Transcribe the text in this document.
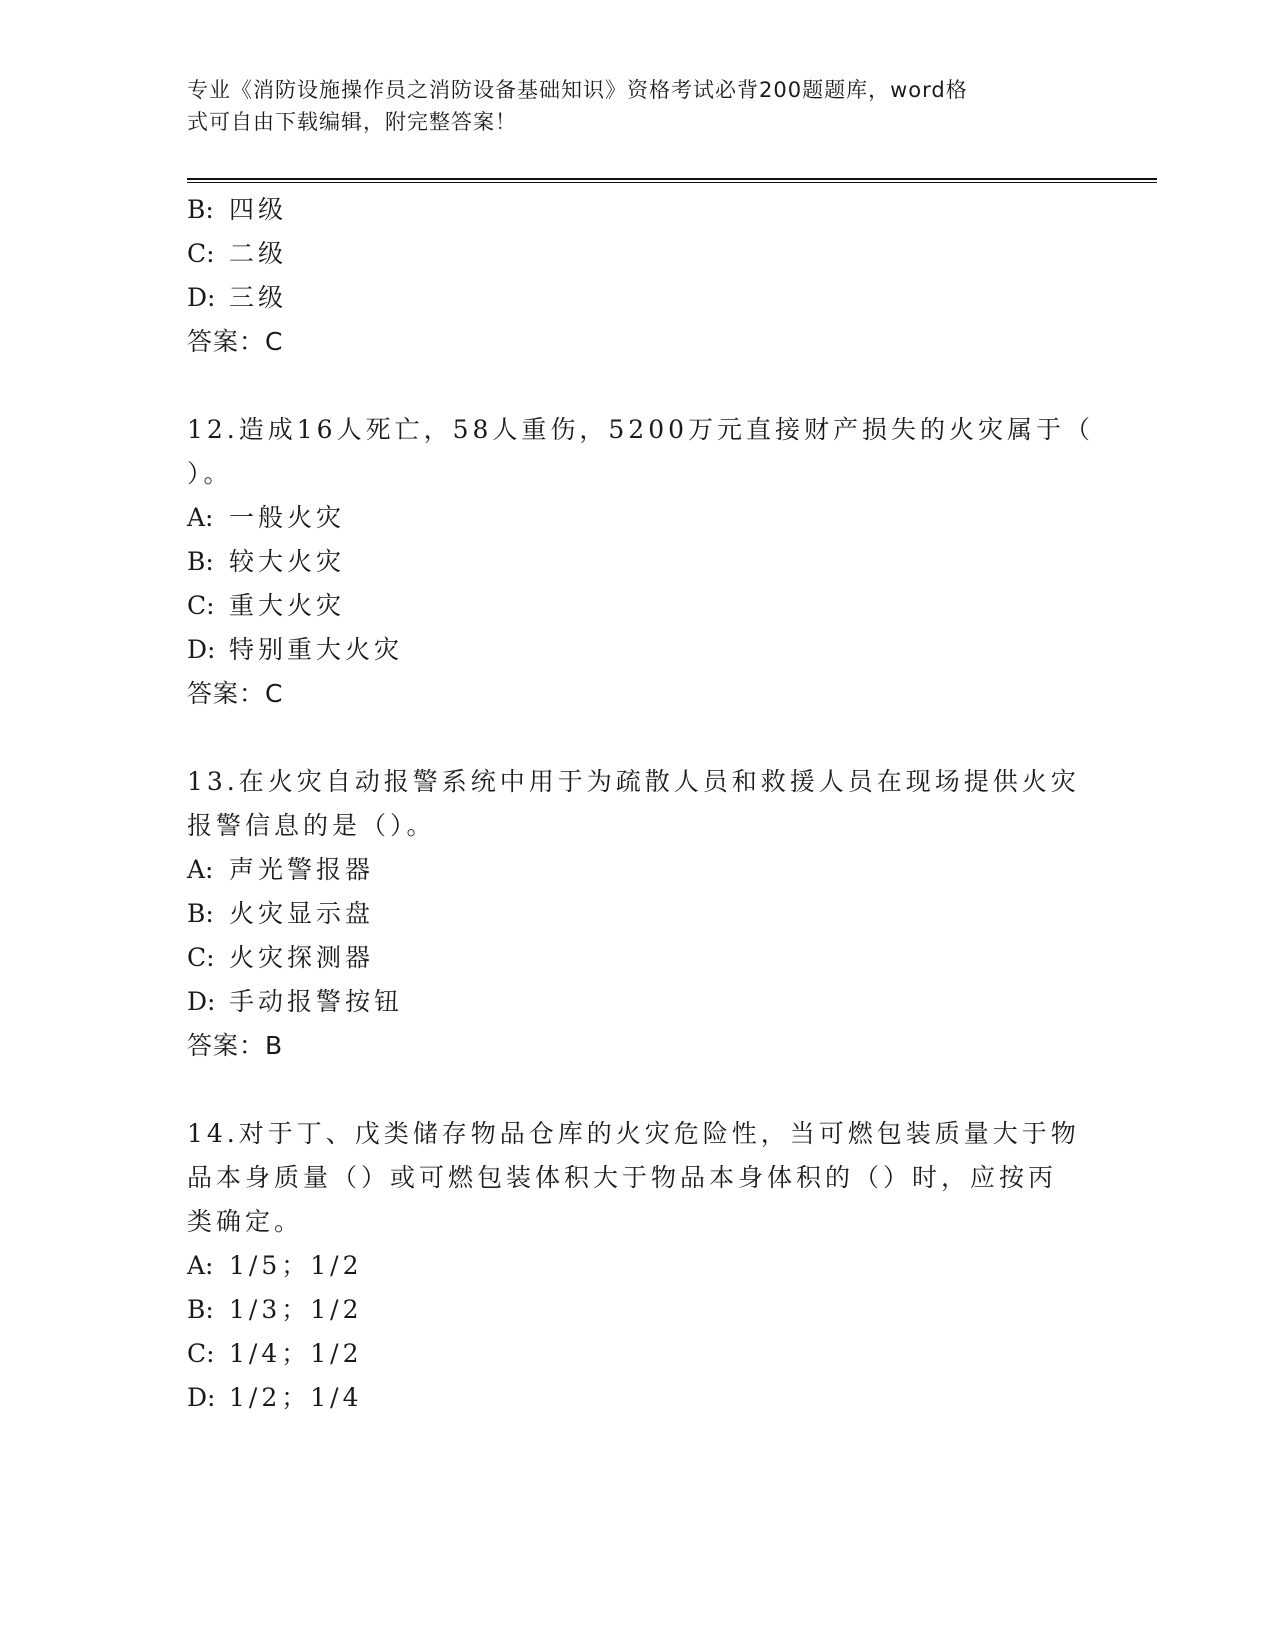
专业《消防设施操作员之消防设备基础知识》资格考试必背200题题库，word格
式可自由下载编辑，附完整答案！
B: 四级
C: 二级
D: 三级
答案：C
12.造成16人死亡，58人重伤，5200万元直接财产损失的火灾属于（
）。
A: 一般火灾
B: 较大火灾
C: 重大火灾
D: 特别重大火灾
答案：C
13.在火灾自动报警系统中用于为疏散人员和救援人员在现场提供火灾
报警信息的是（）。
A: 声光警报器
B: 火灾显示盘
C: 火灾探测器
D: 手动报警按钮
答案：B
14.对于丁、戊类储存物品仓库的火灾危险性，当可燃包装质量大于物
品本身质量（）或可燃包装体积大于物品本身体积的（）时，应按丙
类确定。
A: 1/5；1/2
B: 1/3；1/2
C: 1/4；1/2
D: 1/2；1/4
